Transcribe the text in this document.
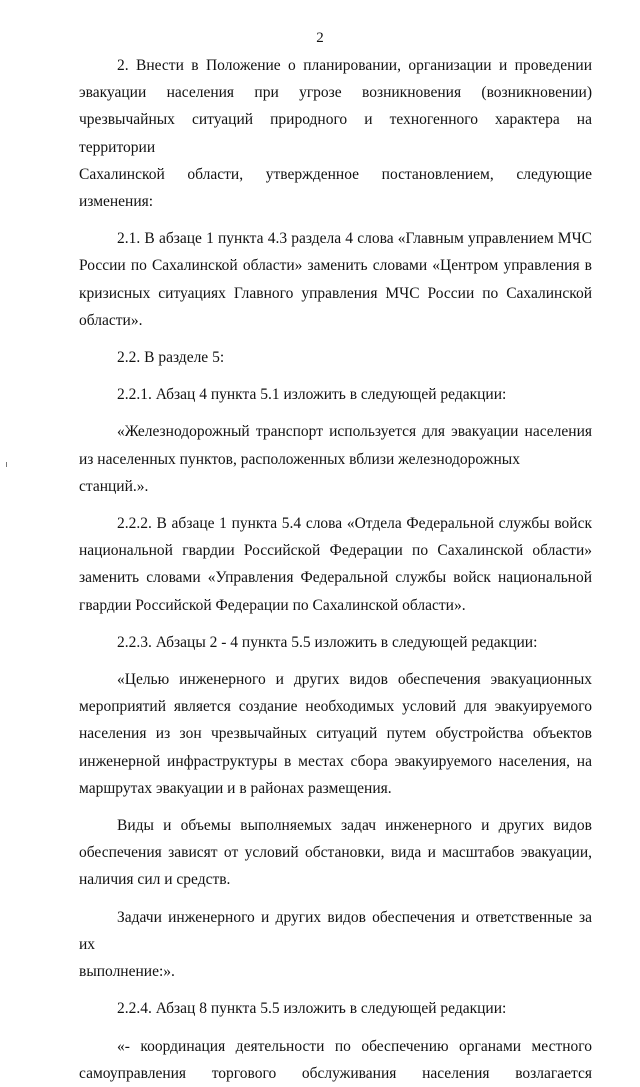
2
2. Внести в Положение о планировании, организации и проведении
эвакуации населения при угрозе возникновения (возникновении)
чрезвычайных ситуаций природного и техногенного характера на территории
Сахалинской области, утвержденное постановлением, следующие изменения:
2.1. В абзаце 1 пункта 4.3 раздела 4 слова «Главным управлением МЧС
России по Сахалинской области» заменить словами «Центром управления в
кризисных ситуациях Главного управления МЧС России по Сахалинской
области».
2.2. В разделе 5:
2.2.1. Абзац 4 пункта 5.1 изложить в следующей редакции:
«Железнодорожный транспорт используется для эвакуации населения
из населенных пунктов, расположенных вблизи железнодорожных станций.».
2.2.2. В абзаце 1 пункта 5.4 слова «Отдела Федеральной службы войск
национальной гвардии Российской Федерации по Сахалинской области»
заменить словами «Управления Федеральной службы войск национальной
гвардии Российской Федерации по Сахалинской области».
2.2.3. Абзацы 2 - 4 пункта 5.5 изложить в следующей редакции:
«Целью инженерного и других видов обеспечения эвакуационных
мероприятий является создание необходимых условий для эвакуируемого
населения из зон чрезвычайных ситуаций путем обустройства объектов
инженерной инфраструктуры в местах сбора эвакуируемого населения, на
маршрутах эвакуации и в районах размещения.
Виды и объемы выполняемых задач инженерного и других видов
обеспечения зависят от условий обстановки, вида и масштабов эвакуации,
наличия сил и средств.
Задачи инженерного и других видов обеспечения и ответственные за их
выполнение:».
2.2.4. Абзац 8 пункта 5.5 изложить в следующей редакции:
«- координация деятельности по обеспечению органами местного
самоуправления торгового обслуживания населения возлагается
